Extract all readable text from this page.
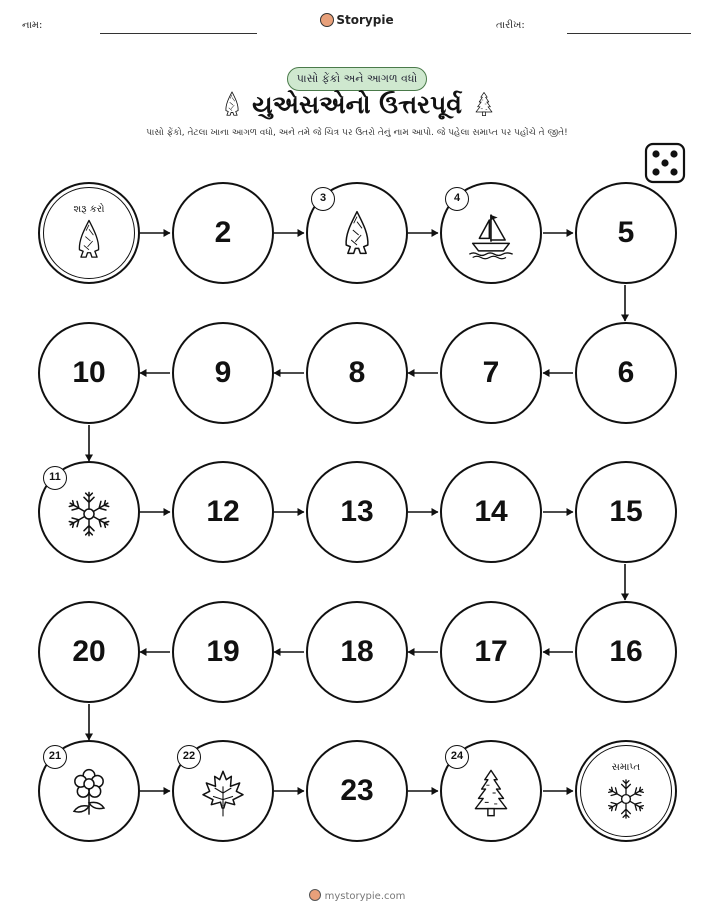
નામ:	Storypie	તારીખ:
પાસો ફેંકો અને આગળ વધો
યુએસએનો ઉત્તરપૂર્વ
પાસો ફેંકો, તેટલા ખાના આગળ વધો, અને તમે જે ચિત્ર પર ઉતરો તેનું નામ આપો. જે પહેલા સમાપ્ત પર પહોંચે તે જીતે!
શરૂ કરો
2
3	4
5
10	9	8	7	6
11
12	13	14	15
20	19	18	17	16
21	22
23
24
સમાપ્ત
mystorypie.com
